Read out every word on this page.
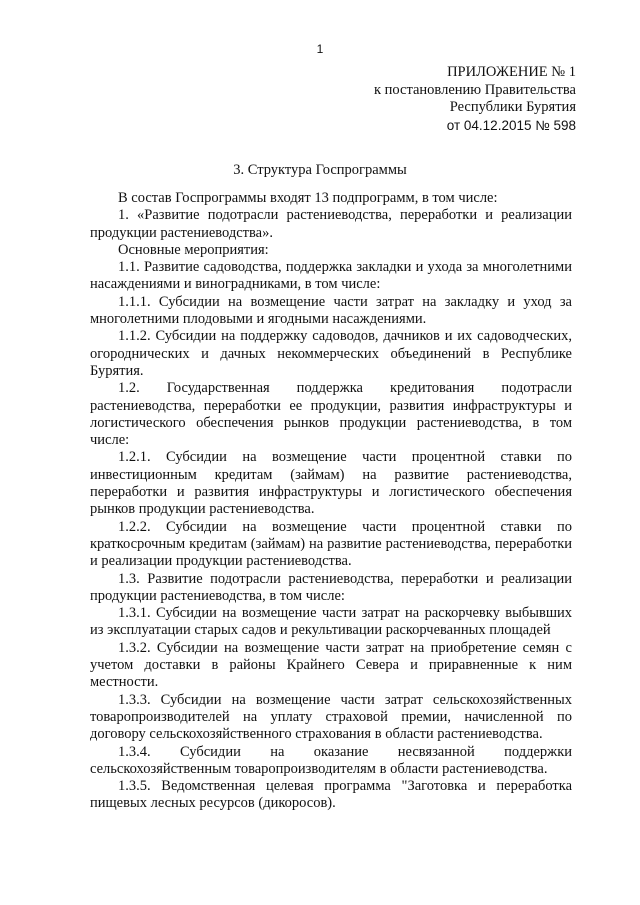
1
ПРИЛОЖЕНИЕ № 1
к постановлению Правительства
Республики Бурятия
от 04.12.2015 № 598
3. Структура Госпрограммы

В состав Госпрограммы входят 13 подпрограмм, в том числе:

1. «Развитие подотрасли растениеводства, переработки и реализации продукции растениеводства».

Основные мероприятия:

1.1. Развитие садоводства, поддержка закладки и ухода за многолетними насаждениями и виноградниками, в том числе:

1.1.1. Субсидии на возмещение части затрат на закладку и уход за многолетними плодовыми и ягодными насаждениями.

1.1.2. Субсидии на поддержку садоводов, дачников и их садоводческих, огороднических и дачных некоммерческих объединений в Республике Бурятия.

1.2. Государственная поддержка кредитования подотрасли растениеводства, переработки ее продукции, развития инфраструктуры и логистического обеспечения рынков продукции растениеводства, в том числе:

1.2.1. Субсидии на возмещение части процентной ставки по инвестиционным кредитам (займам) на развитие растениеводства, переработки и развития инфраструктуры и логистического обеспечения рынков продукции растениеводства.

1.2.2. Субсидии на возмещение части процентной ставки по краткосрочным кредитам (займам) на развитие растениеводства, переработки и реализации продукции растениеводства.

1.3. Развитие подотрасли растениеводства, переработки и реализации продукции растениеводства, в том числе:

1.3.1. Субсидии на возмещение части затрат на раскорчевку выбывших из эксплуатации старых садов и рекультивации раскорчеванных площадей

1.3.2. Субсидии на возмещение части затрат на приобретение семян с учетом доставки в районы Крайнего Севера и приравненные к ним местности.

1.3.3. Субсидии на возмещение части затрат сельскохозяйственных товаропроизводителей на уплату страховой премии, начисленной по договору сельскохозяйственного страхования в области растениеводства.

1.3.4. Субсидии на оказание несвязанной поддержки сельскохозяйственным товаропроизводителям в области растениеводства.

1.3.5. Ведомственная целевая программа "Заготовка и переработка пищевых лесных ресурсов (дикоросов).
